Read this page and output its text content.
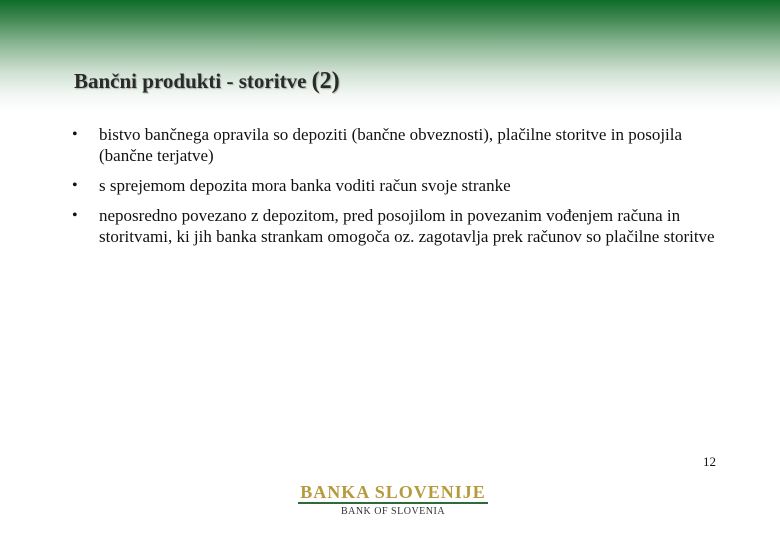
Bančni produkti - storitve (2)
• bistvo bančnega opravila so depoziti (bančne obveznosti), plačilne storitve in posojila (bančne terjatve)
• s sprejemom depozita mora banka voditi račun svoje stranke
• neposredno povezano z depozitom, pred posojilom in povezanim vođenjem računa in storitvami, ki jih banka strankam omogoča oz. zagotavlja prek računov so plačilne storitve
12
BANKA SLOVENIJE
BANK OF SLOVENIA
